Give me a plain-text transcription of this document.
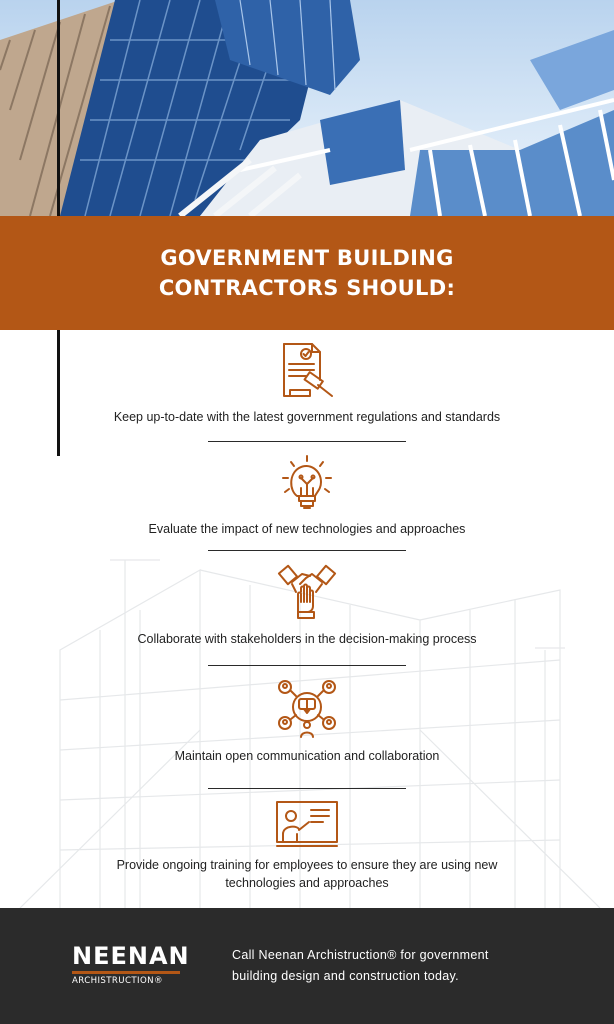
GOVERNMENT BUILDING
CONTRACTORS SHOULD:
Keep up-to-date with the latest government regulations and standards
Evaluate the impact of new technologies and approaches
Collaborate with stakeholders in the decision-making process
Maintain open communication and collaboration
Provide ongoing training for employees to ensure they are using new technologies and approaches
NEENAN
ARCHISTRUCTION®
Call Neenan Archistruction® for government building design and construction today.
